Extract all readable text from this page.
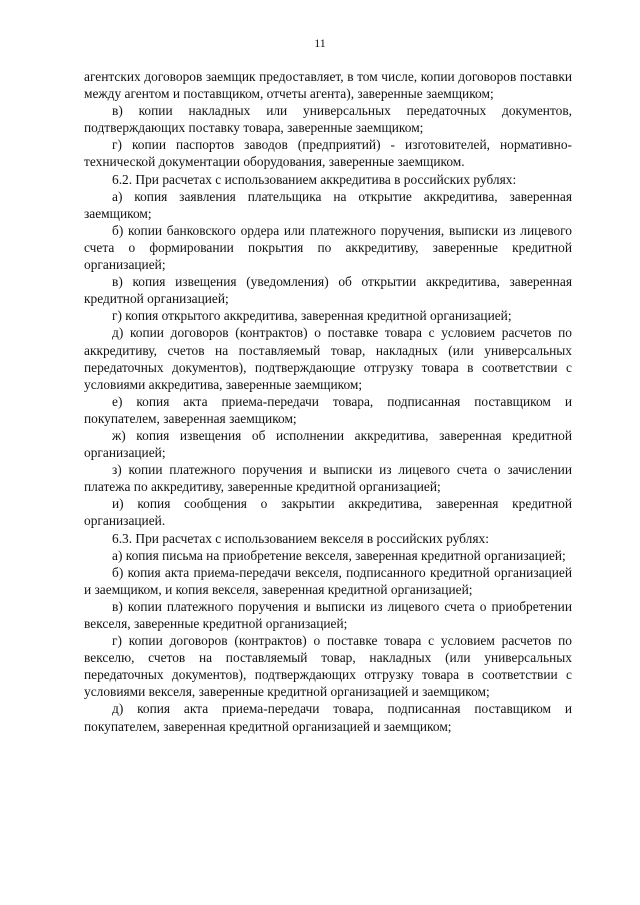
11

агентских договоров заемщик предоставляет, в том числе, копии договоров поставки между агентом и поставщиком, отчеты агента), заверенные заемщиком;

в) копии накладных или универсальных передаточных документов, подтверждающих поставку товара, заверенные заемщиком;

г) копии паспортов заводов (предприятий) - изготовителей, нормативно-технической документации оборудования, заверенные заемщиком.

6.2. При расчетах с использованием аккредитива в российских рублях:

а) копия заявления плательщика на открытие аккредитива, заверенная заемщиком;

б) копии банковского ордера или платежного поручения, выписки из лицевого счета о формировании покрытия по аккредитиву, заверенные кредитной организацией;

в) копия извещения (уведомления) об открытии аккредитива, заверенная кредитной организацией;

г) копия открытого аккредитива, заверенная кредитной организацией;

д) копии договоров (контрактов) о поставке товара с условием расчетов по аккредитиву, счетов на поставляемый товар, накладных (или универсальных передаточных документов), подтверждающие отгрузку товара в соответствии с условиями аккредитива, заверенные заемщиком;

е) копия акта приема-передачи товара, подписанная поставщиком и покупателем, заверенная заемщиком;

ж) копия извещения об исполнении аккредитива, заверенная кредитной организацией;

з) копии платежного поручения и выписки из лицевого счета о зачислении платежа по аккредитиву, заверенные кредитной организацией;

и) копия сообщения о закрытии аккредитива, заверенная кредитной организацией.

6.3. При расчетах с использованием векселя в российских рублях:

а) копия письма на приобретение векселя, заверенная кредитной организацией;

б) копия акта приема-передачи векселя, подписанного кредитной организацией и заемщиком, и копия векселя, заверенная кредитной организацией;

в) копии платежного поручения и выписки из лицевого счета о приобретении векселя, заверенные кредитной организацией;

г) копии договоров (контрактов) о поставке товара с условием расчетов по векселю, счетов на поставляемый товар, накладных (или универсальных передаточных документов), подтверждающих отгрузку товара в соответствии с условиями векселя, заверенные кредитной организацией и заемщиком;

д) копия акта приема-передачи товара, подписанная поставщиком и покупателем, заверенная кредитной организацией и заемщиком;
